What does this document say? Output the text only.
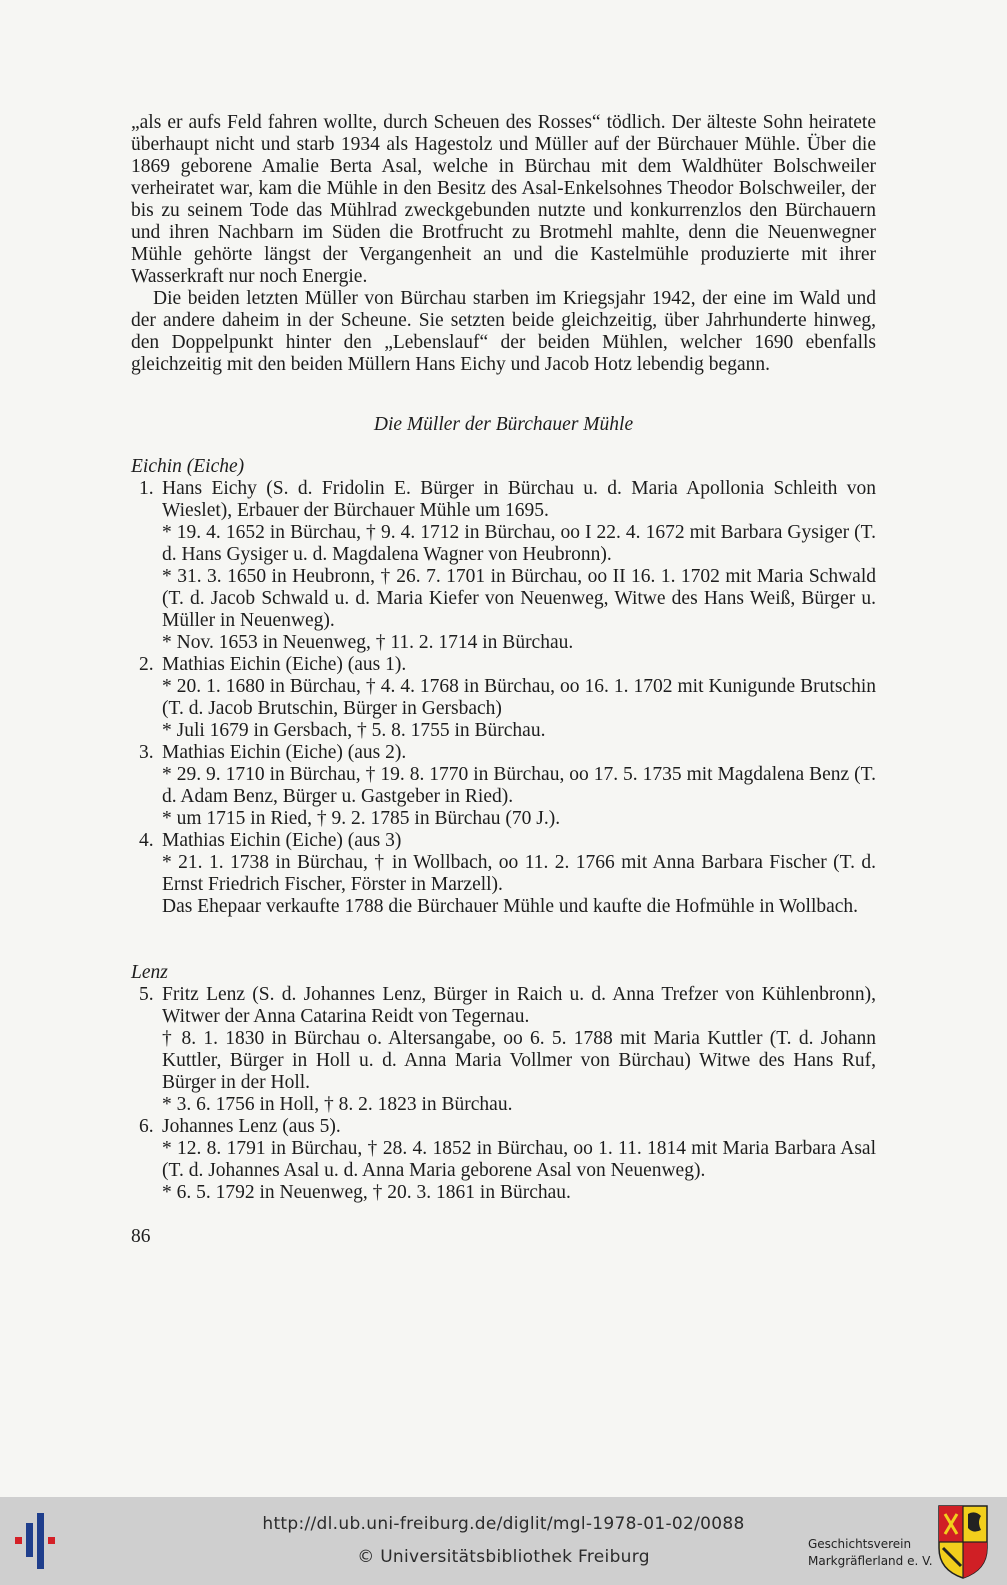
„als er aufs Feld fahren wollte, durch Scheuen des Rosses“ tödlich. Der älteste Sohn heiratete überhaupt nicht und starb 1934 als Hagestolz und Müller auf der Bürchauer Mühle. Über die 1869 geborene Amalie Berta Asal, welche in Bürchau mit dem Waldhüter Bolschweiler verheiratet war, kam die Mühle in den Besitz des Asal-Enkelsohnes Theodor Bolschweiler, der bis zu seinem Tode das Mühlrad zweckgebunden nutzte und konkurrenzlos den Bürchauern und ihren Nachbarn im Süden die Brotfrucht zu Brotmehl mahlte, denn die Neuenwegner Mühle gehörte längst der Vergangenheit an und die Kastelmühle produzierte mit ihrer Wasserkraft nur noch Energie.

Die beiden letzten Müller von Bürchau starben im Kriegsjahr 1942, der eine im Wald und der andere daheim in der Scheune. Sie setzten beide gleichzeitig, über Jahrhunderte hinweg, den Doppelpunkt hinter den „Lebenslauf“ der beiden Mühlen, welcher 1690 ebenfalls gleichzeitig mit den beiden Müllern Hans Eichy und Jacob Hotz lebendig begann.

Die Müller der Bürchauer Mühle
Eichin (Eiche)
1. Hans Eichy (S. d. Fridolin E. Bürger in Bürchau u. d. Maria Apollonia Schleith von Wieslet), Erbauer der Bürchauer Mühle um 1695.

* 19. 4. 1652 in Bürchau, † 9. 4. 1712 in Bürchau, oo I 22. 4. 1672 mit Barbara Gysiger (T. d. Hans Gysiger u. d. Magdalena Wagner von Heubronn).

* 31. 3. 1650 in Heubronn, † 26. 7. 1701 in Bürchau, oo II 16. 1. 1702 mit Maria Schwald (T. d. Jacob Schwald u. d. Maria Kiefer von Neuenweg, Witwe des Hans Weiß, Bürger u. Müller in Neuenweg).

* Nov. 1653 in Neuenweg, † 11. 2. 1714 in Bürchau.

2. Mathias Eichin (Eiche) (aus 1).

* 20. 1. 1680 in Bürchau, † 4. 4. 1768 in Bürchau, oo 16. 1. 1702 mit Kunigunde Brutschin (T. d. Jacob Brutschin, Bürger in Gersbach)

* Juli 1679 in Gersbach, † 5. 8. 1755 in Bürchau.

3. Mathias Eichin (Eiche) (aus 2).

* 29. 9. 1710 in Bürchau, † 19. 8. 1770 in Bürchau, oo 17. 5. 1735 mit Magdalena Benz (T. d. Adam Benz, Bürger u. Gastgeber in Ried).

* um 1715 in Ried, † 9. 2. 1785 in Bürchau (70 J.).

4. Mathias Eichin (Eiche) (aus 3)

* 21. 1. 1738 in Bürchau, † in Wollbach, oo 11. 2. 1766 mit Anna Barbara Fischer (T. d. Ernst Friedrich Fischer, Förster in Marzell).

Das Ehepaar verkaufte 1788 die Bürchauer Mühle und kaufte die Hofmühle in Wollbach.

Lenz
5. Fritz Lenz (S. d. Johannes Lenz, Bürger in Raich u. d. Anna Trefzer von Kühlenbronn), Witwer der Anna Catarina Reidt von Tegernau.

† 8. 1. 1830 in Bürchau o. Altersangabe, oo 6. 5. 1788 mit Maria Kuttler (T. d. Johann Kuttler, Bürger in Holl u. d. Anna Maria Vollmer von Bürchau) Witwe des Hans Ruf, Bürger in der Holl.

* 3. 6. 1756 in Holl, † 8. 2. 1823 in Bürchau.

6. Johannes Lenz (aus 5).

* 12. 8. 1791 in Bürchau, † 28. 4. 1852 in Bürchau, oo 1. 11. 1814 mit Maria Barbara Asal (T. d. Johannes Asal u. d. Anna Maria geborene Asal von Neuenweg).

* 6. 5. 1792 in Neuenweg, † 20. 3. 1861 in Bürchau.

86
http://dl.ub.uni-freiburg.de/diglit/mgl-1978-01-02/0088
© Universitätsbibliothek Freiburg
Geschichtsverein
Markgräflerland e. V.
